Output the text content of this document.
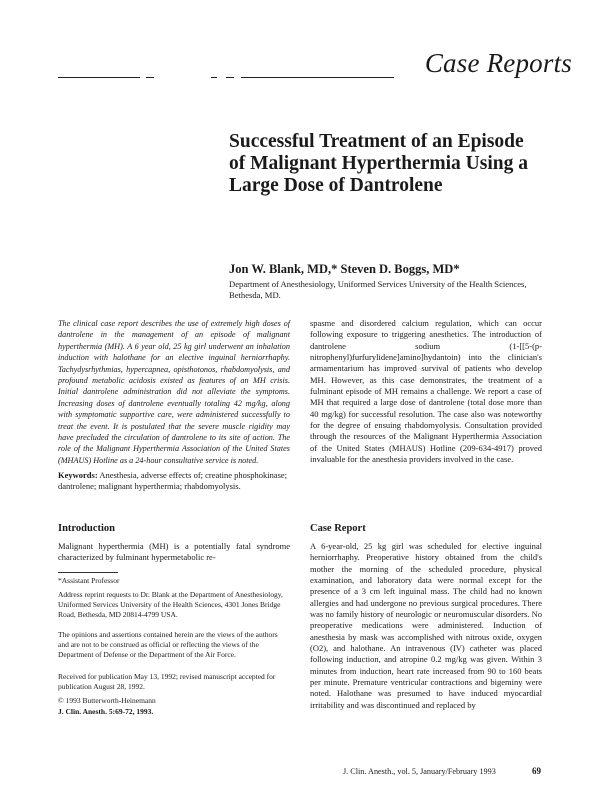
Case Reports
Successful Treatment of an Episode of Malignant Hyperthermia Using a Large Dose of Dantrolene
Jon W. Blank, MD,* Steven D. Boggs, MD*
Department of Anesthesiology, Uniformed Services University of the Health Sciences, Bethesda, MD.

The clinical case report describes the use of extremely high doses of dantrolene in the management of an episode of malignant hyperthermia (MH). A 6 year old, 25 kg girl underwent an inhalation induction with halothane for an elective inguinal herniorrhaphy. Tachydysrhythmias, hypercapnea, opisthotonos, rhabdomyolysis, and profound metabolic acidosis existed as features of an MH crisis. Initial dantrolene administration did not alleviate the symptoms. Increasing doses of dantrolene eventually totaling 42 mg/kg, along with symptomatic supportive care, were administered successfully to treat the event. It is postulated that the severe muscle rigidity may have precluded the circulation of dantrolene to its site of action. The role of the Malignant Hyperthermia Association of the United States (MHAUS) Hotline as a 24-hour consultative service is noted.

Keywords: Anesthesia, adverse effects of; creatine phosphokinase; dantrolene; malignant hyperthermia; rhabdomyolysis.

spasme and disordered calcium regulation, which can occur following exposure to triggering anesthetics. The introduction of dantrolene sodium (1-[[5-(p-nitrophenyl)furfurylidene]amino]hydantoin) into the clinician's armamentarium has improved survival of patients who develop MH. However, as this case demonstrates, the treatment of a fulminant episode of MH remains a challenge. We report a case of MH that required a large dose of dantrolene (total dose more than 40 mg/kg) for successful resolution. The case also was noteworthy for the degree of ensuing rhabdomyolysis. Consultation provided through the resources of the Malignant Hyperthermia Association of the United States (MHAUS) Hotline (209-634-4917) proved invaluable for the anesthesia providers involved in the case.

Introduction

Malignant hyperthermia (MH) is a potentially fatal syndrome characterized by fulminant hypermetabolic re-

*Assistant Professor

Address reprint requests to Dr. Blank at the Department of Anesthesiology, Uniformed Services University of the Health Sciences, 4301 Jones Bridge Road, Bethesda, MD 20814-4799 USA.

The opinions and assertions contained herein are the views of the authors and are not to be construed as official or reflecting the views of the Department of Defense or the Department of the Air Force.

Received for publication May 13, 1992; revised manuscript accepted for publication August 28, 1992.

© 1993 Butterworth-Heinemann

J. Clin. Anesth. 5:69-72, 1993.

Case Report

A 6-year-old, 25 kg girl was scheduled for elective inguinal herniorrhaphy. Preoperative history obtained from the child's mother the morning of the scheduled procedure, physical examination, and laboratory data were normal except for the presence of a 3 cm left inguinal mass. The child had no known allergies and had undergone no previous surgical procedures. There was no family history of neurologic or neuromuscular disorders. No preoperative medications were administered. Induction of anesthesia by mask was accomplished with nitrous oxide, oxygen (O2), and halothane. An intravenous (IV) catheter was placed following induction, and atropine 0.2 mg/kg was given. Within 3 minutes from induction, heart rate increased from 90 to 160 beats per minute. Premature ventricular contractions and bigeminy were noted. Halothane was presumed to have induced myocardial irritability and was discontinued and replaced by

J. Clin. Anesth., vol. 5, January/February 1993	69
